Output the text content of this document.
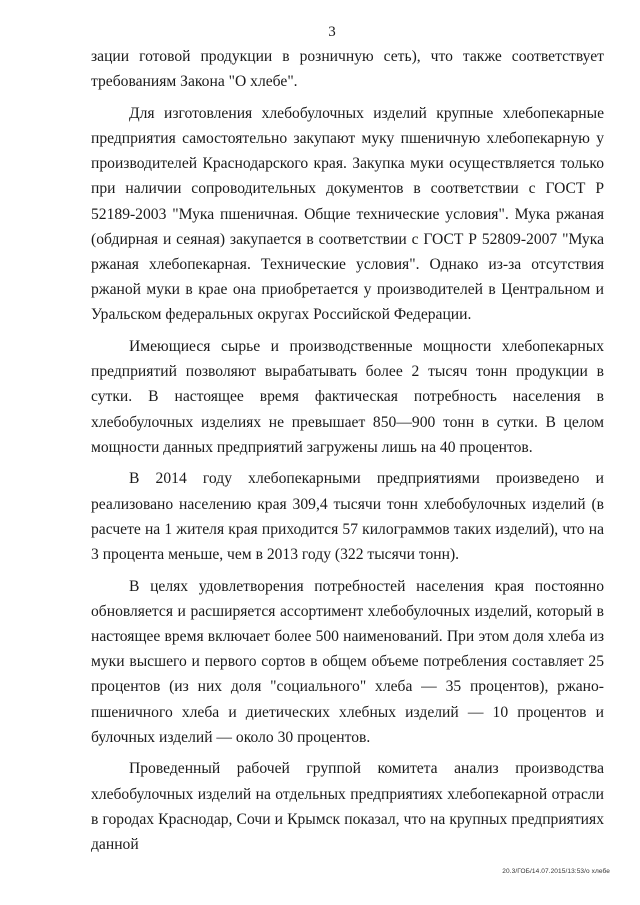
3

зации готовой продукции в розничную сеть), что также соответствует требованиям Закона "О хлебе".

Для изготовления хлебобулочных изделий крупные хлебопекарные предприятия самостоятельно закупают муку пшеничную хлебопекарную у производителей Краснодарского края. Закупка муки осуществляется только при наличии сопроводительных документов в соответствии с ГОСТ Р 52189-2003 "Мука пшеничная. Общие технические условия". Мука ржаная (обдирная и сеяная) закупается в соответствии с ГОСТ Р 52809-2007 "Мука ржаная хлебопекарная. Технические условия". Однако из-за отсутствия ржаной муки в крае она приобретается у производителей в Центральном и Уральском федеральных округах Российской Федерации.

Имеющиеся сырье и производственные мощности хлебопекарных предприятий позволяют вырабатывать более 2 тысяч тонн продукции в сутки. В настоящее время фактическая потребность населения в хлебобулочных изделиях не превышает 850—900 тонн в сутки. В целом мощности данных предприятий загружены лишь на 40 процентов.

В 2014 году хлебопекарными предприятиями произведено и реализовано населению края 309,4 тысячи тонн хлебобулочных изделий (в расчете на 1 жителя края приходится 57 килограммов таких изделий), что на 3 процента меньше, чем в 2013 году (322 тысячи тонн).

В целях удовлетворения потребностей населения края постоянно обновляется и расширяется ассортимент хлебобулочных изделий, который в настоящее время включает более 500 наименований. При этом доля хлеба из муки высшего и первого сортов в общем объеме потребления составляет 25 процентов (из них доля "социального" хлеба — 35 процентов), ржано-пшеничного хлеба и диетических хлебных изделий — 10 процентов и булочных изделий — около 30 процентов.

Проведенный рабочей группой комитета анализ производства хлебобулочных изделий на отдельных предприятиях хлебопекарной отрасли в городах Краснодар, Сочи и Крымск показал, что на крупных предприятиях данной

20.3/ГОБ/14.07.2015/13:53/о хлебе
